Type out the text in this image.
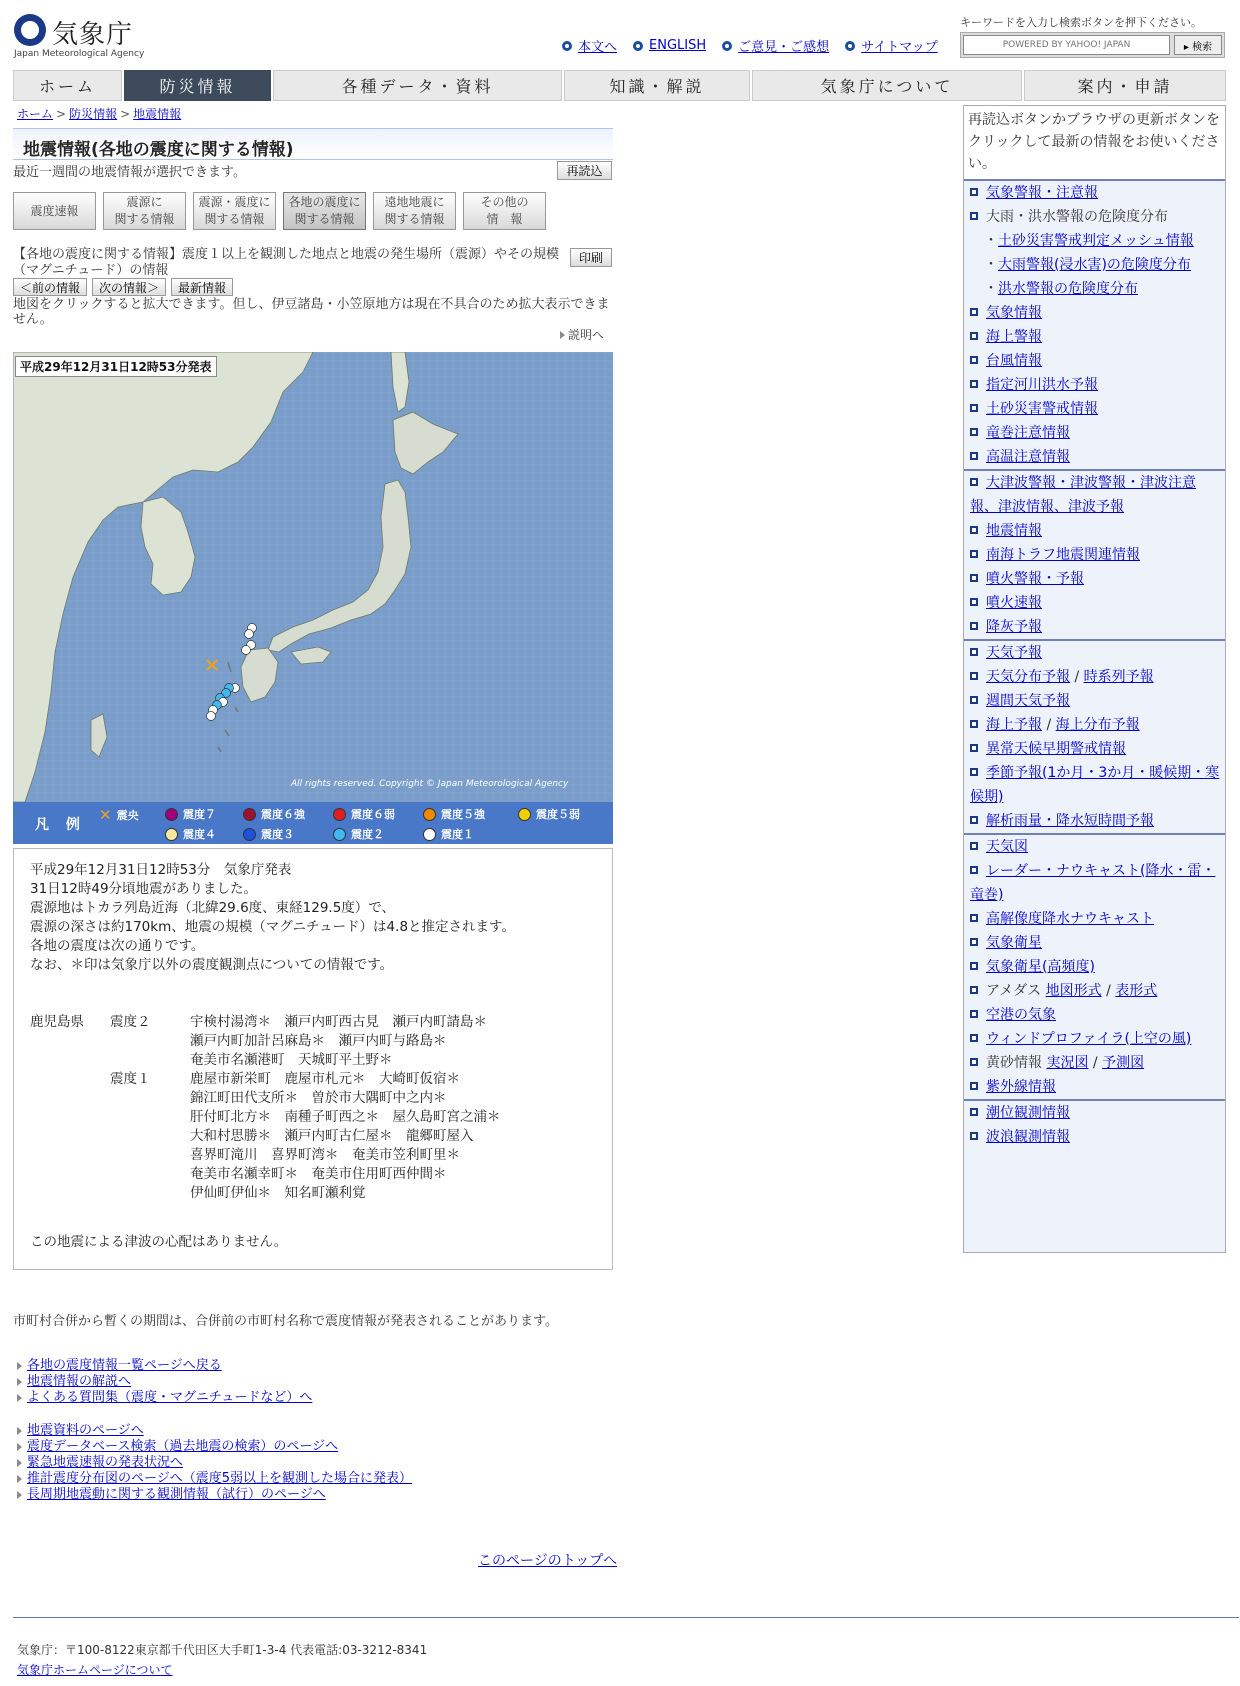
気象庁
Japan Meteorological Agency	本文へ ENGLISH ご意見・ご感想 サイトマップ
キーワードを入力し検索ボタンを押下ください。
POWERED BY YAHOO! JAPAN
▸ 検索
ホーム	防災情報	各種データ・資料	知識・解説	気象庁について	案内・申請
ホーム > 防災情報 > 地震情報
地震情報(各地の震度に関する情報)
最近一週間の地震情報が選択できます。	再読込
震度速報
震源に
関する情報
震源・震度に
関する情報
各地の震度に
関する情報
遠地地震に
関する情報
その他の
情　報
【各地の震度に関する情報】震度１以上を観測した地点と地震の発生場所（震源）やその規模（マグニチュード）の情報
印刷
＜前の情報	次の情報＞	最新情報
地図をクリックすると拡大できます。但し、伊豆諸島・小笠原地方は現在不具合のため拡大表示できません。
説明へ
平成29年12月31日12時53分発表
All rights reserved. Copyright © Japan Meteorological Agency
凡 例
✕ 震央	震度７	震度６強	震度６弱	震度５強	震度５弱
震度４	震度３	震度２	震度１
平成29年12月31日12時53分　気象庁発表
31日12時49分頃地震がありました。
震源地はトカラ列島近海（北緯29.6度、東経129.5度）で、
震源の深さは約170km、地震の規模（マグニチュード）は4.8と推定されます。
各地の震度は次の通りです。
なお、＊印は気象庁以外の震度観測点についての情報です。
鹿児島県	震度２	宇検村湯湾＊　瀬戸内町西古見　瀬戸内町請島＊
瀬戸内町加計呂麻島＊　瀬戸内町与路島＊
奄美市名瀬港町　天城町平土野＊
震度１	鹿屋市新栄町　鹿屋市札元＊　大崎町仮宿＊
錦江町田代支所＊　曽於市大隅町中之内＊
肝付町北方＊　南種子町西之＊　屋久島町宮之浦＊
大和村思勝＊　瀬戸内町古仁屋＊　龍郷町屋入
喜界町滝川　喜界町湾＊　奄美市笠利町里＊
奄美市名瀬幸町＊　奄美市住用町西仲間＊
伊仙町伊仙＊　知名町瀬利覚
この地震による津波の心配はありません。
市町村合併から暫くの期間は、合併前の市町村名称で震度情報が発表されることがあります。
各地の震度情報一覧ページへ戻る
地震情報の解説へ
よくある質問集（震度・マグニチュードなど）へ
地震資料のページへ
震度データベース検索（過去地震の検索）のページへ
緊急地震速報の発表状況へ
推計震度分布図のページへ（震度5弱以上を観測した場合に発表）
長周期地震動に関する観測情報（試行）のページへ
このページのトップへ
気象庁：〒100-8122東京都千代田区大手町1-3-4 代表電話:03-3212-8341
気象庁ホームページについて
再読込ボタンかブラウザの更新ボタンをクリックして最新の情報をお使いください。
気象警報・注意報
大雨・洪水警報の危険度分布
・土砂災害警戒判定メッシュ情報
・大雨警報(浸水害)の危険度分布
・洪水警報の危険度分布
気象情報
海上警報
台風情報
指定河川洪水予報
土砂災害警戒情報
竜巻注意情報
高温注意情報
大津波警報・津波警報・津波注意報、津波情報、津波予報
地震情報
南海トラフ地震関連情報
噴火警報・予報
噴火速報
降灰予報
天気予報
天気分布予報 / 時系列予報
週間天気予報
海上予報 / 海上分布予報
異常天候早期警戒情報
季節予報(1か月・3か月・暖候期・寒候期)
解析雨量・降水短時間予報
天気図
レーダー・ナウキャスト(降水・雷・竜巻)
高解像度降水ナウキャスト
気象衛星
気象衛星(高頻度)
アメダス 地図形式 / 表形式
空港の気象
ウィンドプロファイラ(上空の風)
黄砂情報 実況図 / 予測図
紫外線情報
潮位観測情報
波浪観測情報
